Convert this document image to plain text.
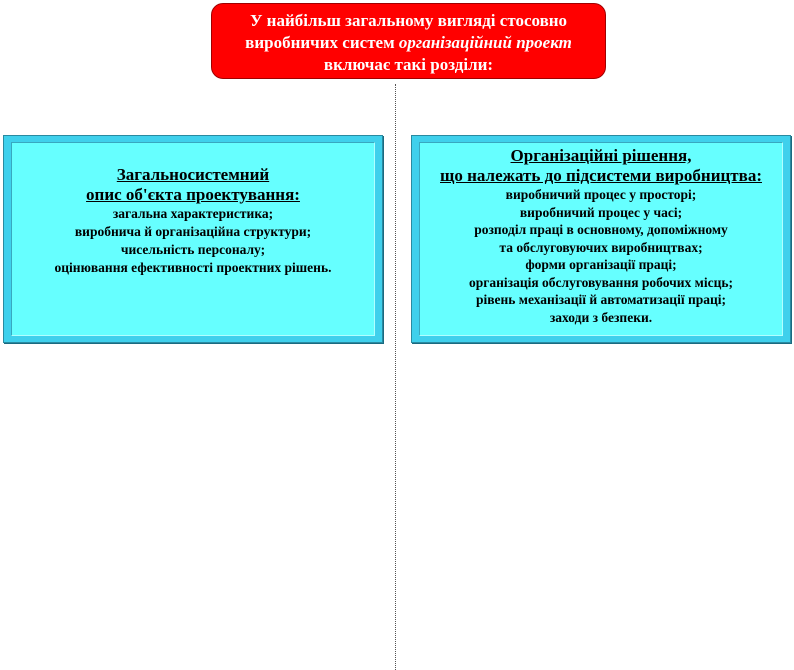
У найбільш загальному вигляді стосовно
виробничих систем організаційний проект
включає такі розділи:
Загальносистемний
опис об'єкта проектування:
загальна характеристика;
виробнича й організаційна структури;
чисельність персоналу;
оцінювання ефективності проектних рішень.
Організаційні рішення,
що належать до підсистеми виробництва:
виробничий процес у просторі;
виробничий процес у часі;
розподіл праці в основному, допоміжному
та обслуговуючих виробництвах;
форми організації праці;
організація обслуговування робочих місць;
рівень механізації й автоматизації праці;
заходи з безпеки.
